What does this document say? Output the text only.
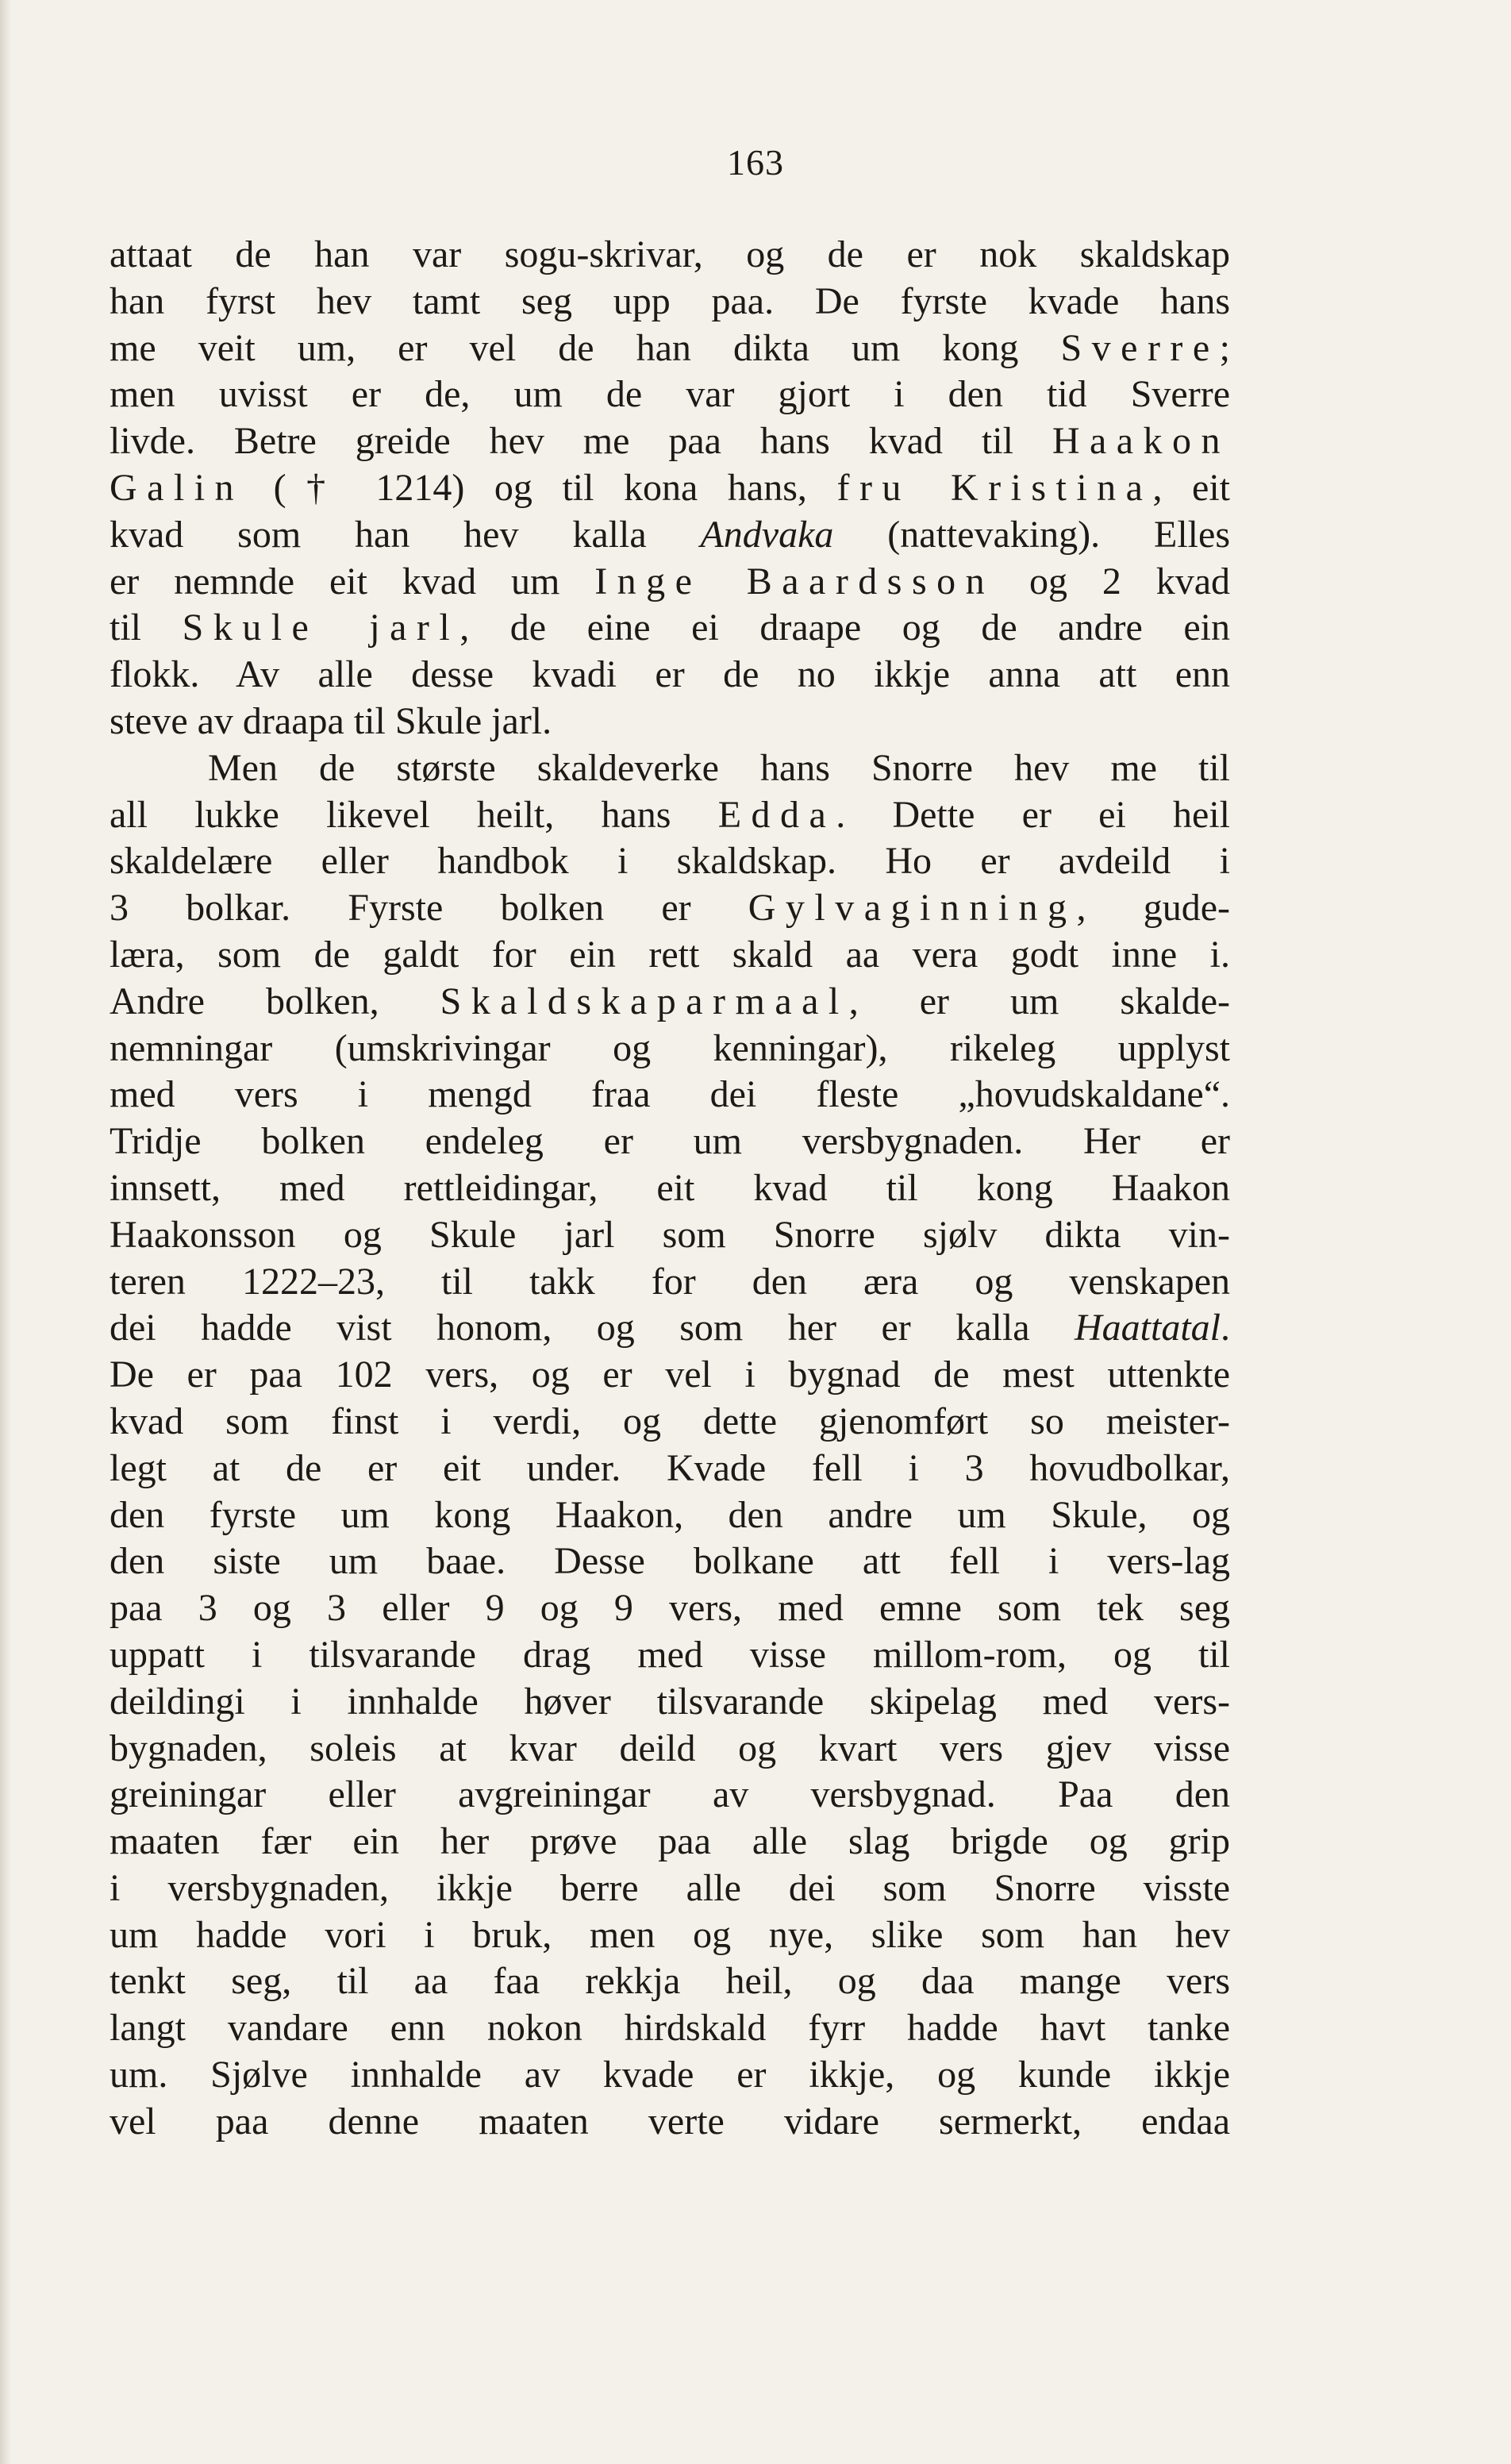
163
attaat de han var sogu-skrivar, og de er nok skaldskap
han fyrst hev tamt seg upp paa. De fyrste kvade hans
me veit um, er vel de han dikta um kong Sverre;
men uvisst er de, um de var gjort i den tid Sverre
livde. Betre greide hev me paa hans kvad til Haakon
Galin († 1214) og til kona hans, fru Kristina, eit
kvad som han hev kalla Andvaka (nattevaking). Elles
er nemnde eit kvad um Inge Baardsson og 2 kvad
til Skule jarl, de eine ei draape og de andre ein
flokk. Av alle desse kvadi er de no ikkje anna att enn
steve av draapa til Skule jarl.
Men de største skaldeverke hans Snorre hev me til
all lukke likevel heilt, hans Edda. Dette er ei heil
skaldelære eller handbok i skaldskap. Ho er avdeild i
3 bolkar. Fyrste bolken er Gylvaginning, gude-
læra, som de galdt for ein rett skald aa vera godt inne i.
Andre bolken, Skaldskaparmaal, er um skalde-
nemningar (umskrivingar og kenningar), rikeleg upplyst
med vers i mengd fraa dei fleste „hovudskaldane“.
Tridje bolken endeleg er um versbygnaden. Her er
innsett, med rettleidingar, eit kvad til kong Haakon
Haakonsson og Skule jarl som Snorre sjølv dikta vin-
teren 1222–23, til takk for den æra og venskapen
dei hadde vist honom, og som her er kalla Haattatal.
De er paa 102 vers, og er vel i bygnad de mest uttenkte
kvad som finst i verdi, og dette gjenomført so meister-
legt at de er eit under. Kvade fell i 3 hovudbolkar,
den fyrste um kong Haakon, den andre um Skule, og
den siste um baae. Desse bolkane att fell i vers-lag
paa 3 og 3 eller 9 og 9 vers, med emne som tek seg
uppatt i tilsvarande drag med visse millom-rom, og til
deildingi i innhalde høver tilsvarande skipelag med vers-
bygnaden, soleis at kvar deild og kvart vers gjev visse
greiningar eller avgreiningar av versbygnad. Paa den
maaten fær ein her prøve paa alle slag brigde og grip
i versbygnaden, ikkje berre alle dei som Snorre visste
um hadde vori i bruk, men og nye, slike som han hev
tenkt seg, til aa faa rekkja heil, og daa mange vers
langt vandare enn nokon hirdskald fyrr hadde havt tanke
um. Sjølve innhalde av kvade er ikkje, og kunde ikkje
vel paa denne maaten verte vidare sermerkt, endaa
